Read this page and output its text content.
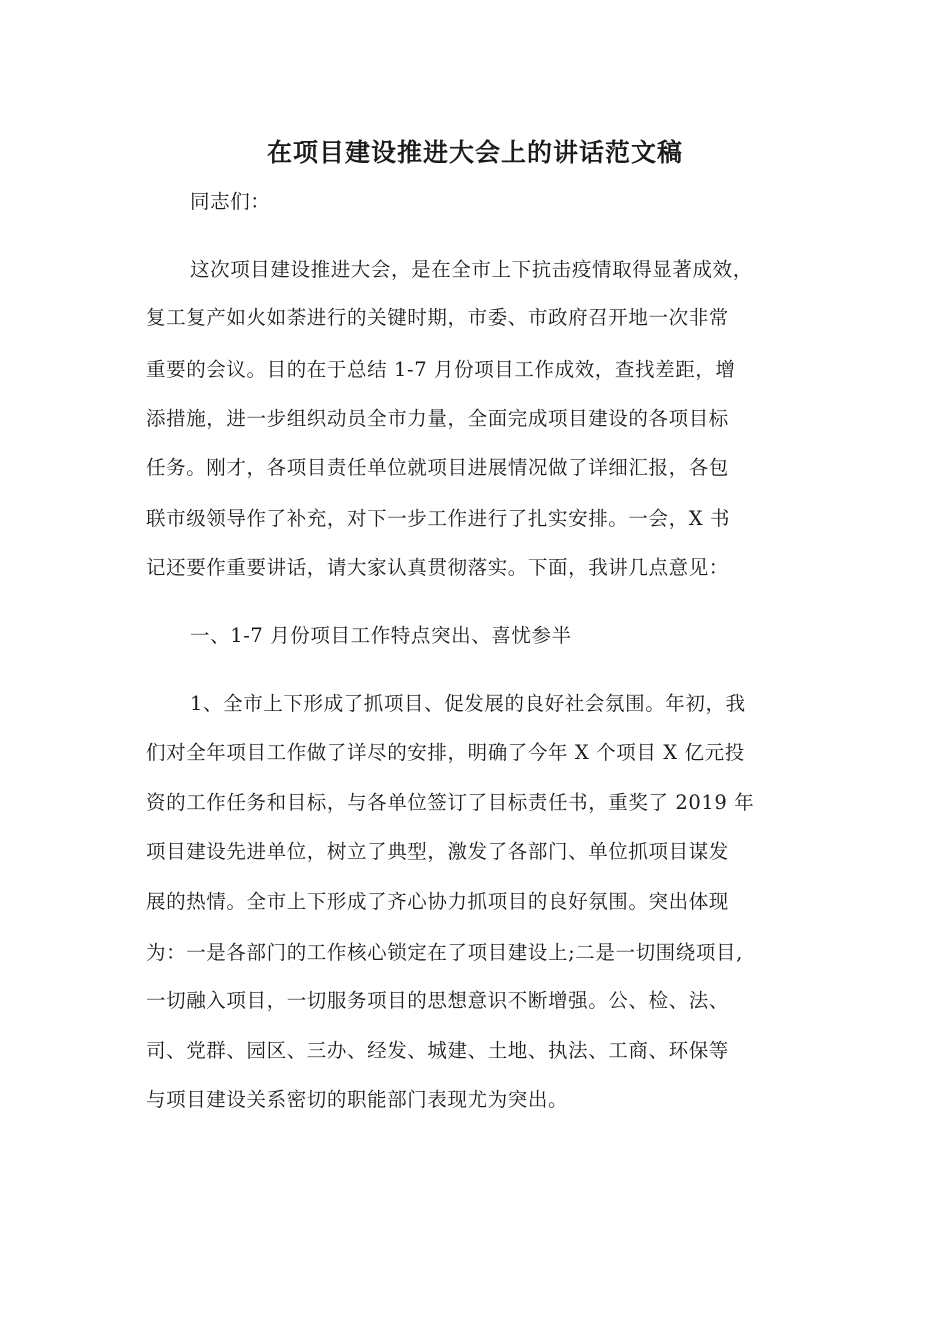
在项目建设推进大会上的讲话范文稿
同志们：
这次项目建设推进大会，是在全市上下抗击疫情取得显著成效，
复工复产如火如荼进行的关键时期，市委、市政府召开地一次非常
重要的会议。目的在于总结 1-7 月份项目工作成效，查找差距，增
添措施，进一步组织动员全市力量，全面完成项目建设的各项目标
任务。刚才，各项目责任单位就项目进展情况做了详细汇报，各包
联市级领导作了补充，对下一步工作进行了扎实安排。一会，X 书
记还要作重要讲话，请大家认真贯彻落实。下面，我讲几点意见：
一、1-7 月份项目工作特点突出、喜忧参半
1、全市上下形成了抓项目、促发展的良好社会氛围。年初，我
们对全年项目工作做了详尽的安排，明确了今年 X 个项目 X 亿元投
资的工作任务和目标，与各单位签订了目标责任书，重奖了 2019 年
项目建设先进单位，树立了典型，激发了各部门、单位抓项目谋发
展的热情。全市上下形成了齐心协力抓项目的良好氛围。突出体现
为：一是各部门的工作核心锁定在了项目建设上;二是一切围绕项目,
一切融入项目，一切服务项目的思想意识不断增强。公、检、法、
司、党群、园区、三办、经发、城建、土地、执法、工商、环保等
与项目建设关系密切的职能部门表现尤为突出。
